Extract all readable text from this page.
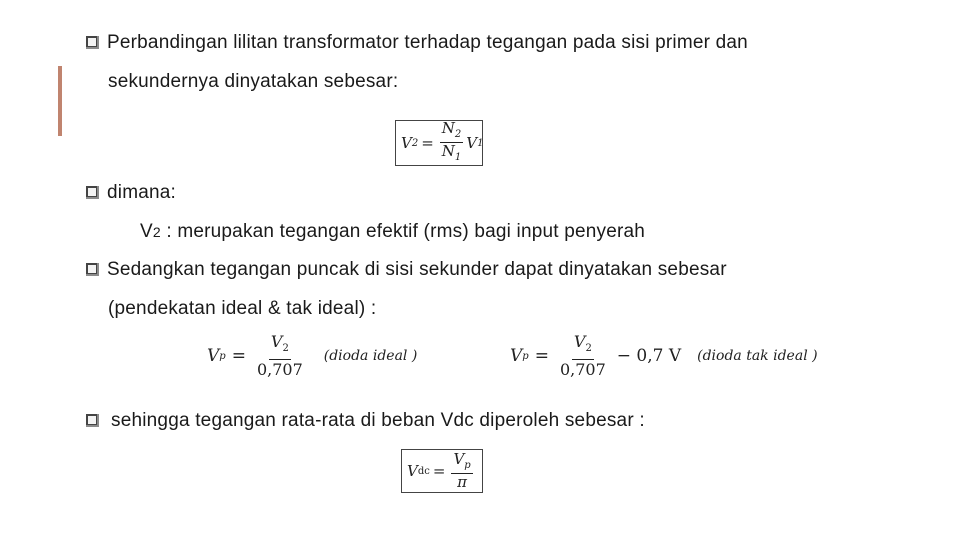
Perbandingan lilitan transformator terhadap tegangan pada sisi primer dan
sekundernya dinyatakan sebesar:
V $2 = \frac{N_2}{N_1}$ V 1
dimana:
V2 : merupakan tegangan efektif (rms) bagi input penyerah
Sedangkan tegangan puncak di sisi sekunder dapat dinyatakan sebesar
(pendekatan ideal & tak ideal) :
V $p = \frac{V_2}{0,707}$ (dioda ideal )	V $p = \frac{V_2}{0,707} - 0,7$ V (dioda tak ideal )
sehingga tegangan rata-rata di beban Vdc diperoleh sebesar :
V dc = $\frac{V_p}{\pi}$
